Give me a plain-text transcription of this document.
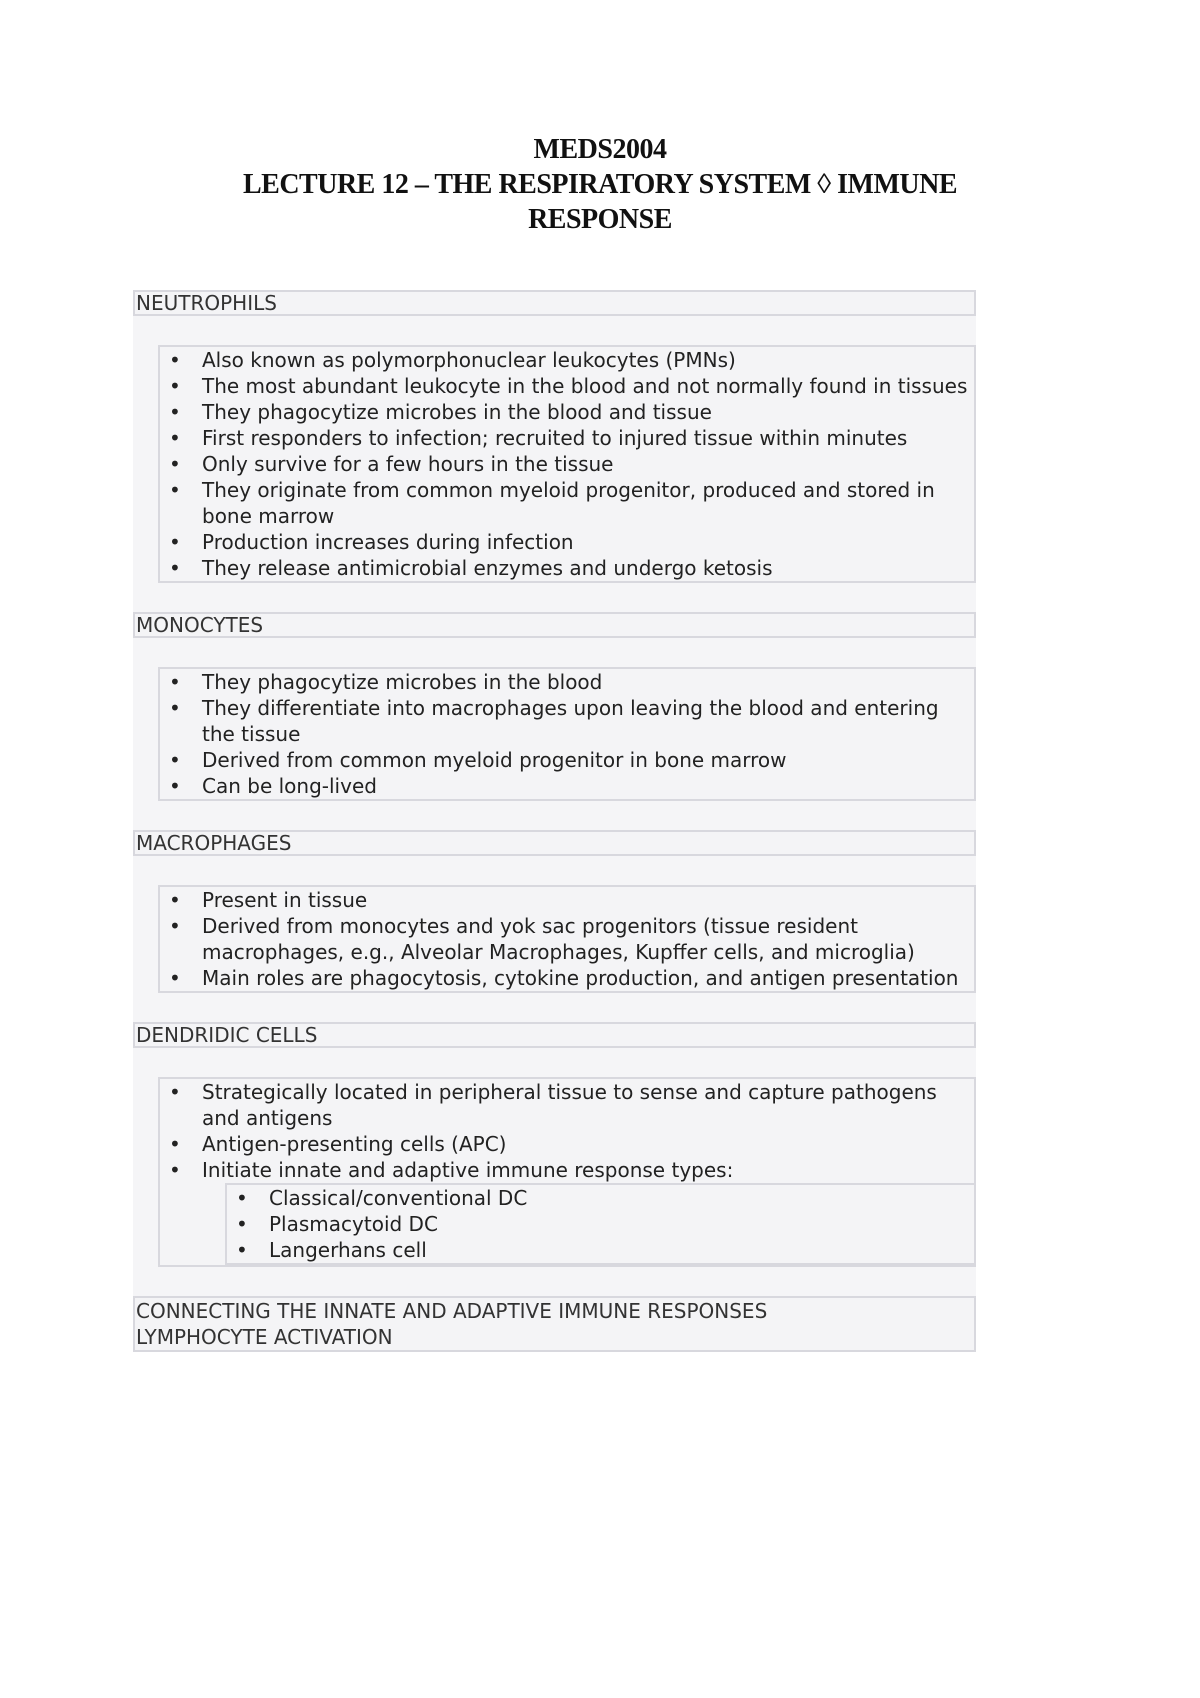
MEDS2004
LECTURE 12 – THE RESPIRATORY SYSTEM ◊ IMMUNE
RESPONSE
NEUTROPHILS
• Also known as polymorphonuclear leukocytes (PMNs)
• The most abundant leukocyte in the blood and not normally found in tissues
• They phagocytize microbes in the blood and tissue
• First responders to infection; recruited to injured tissue within minutes
• Only survive for a few hours in the tissue
• They originate from common myeloid progenitor, produced and stored in bone marrow
• Production increases during infection
• They release antimicrobial enzymes and undergo ketosis
MONOCYTES
• They phagocytize microbes in the blood
• They differentiate into macrophages upon leaving the blood and entering the tissue
• Derived from common myeloid progenitor in bone marrow
• Can be long-lived
MACROPHAGES
• Present in tissue
• Derived from monocytes and yok sac progenitors (tissue resident macrophages, e.g., Alveolar Macrophages, Kupffer cells, and microglia)
• Main roles are phagocytosis, cytokine production, and antigen presentation
DENDRIDIC CELLS
• Strategically located in peripheral tissue to sense and capture pathogens and antigens
• Antigen-presenting cells (APC)
• Initiate innate and adaptive immune response types:
• Classical/conventional DC
• Plasmacytoid DC
• Langerhans cell
CONNECTING THE INNATE AND ADAPTIVE IMMUNE RESPONSES
LYMPHOCYTE ACTIVATION
